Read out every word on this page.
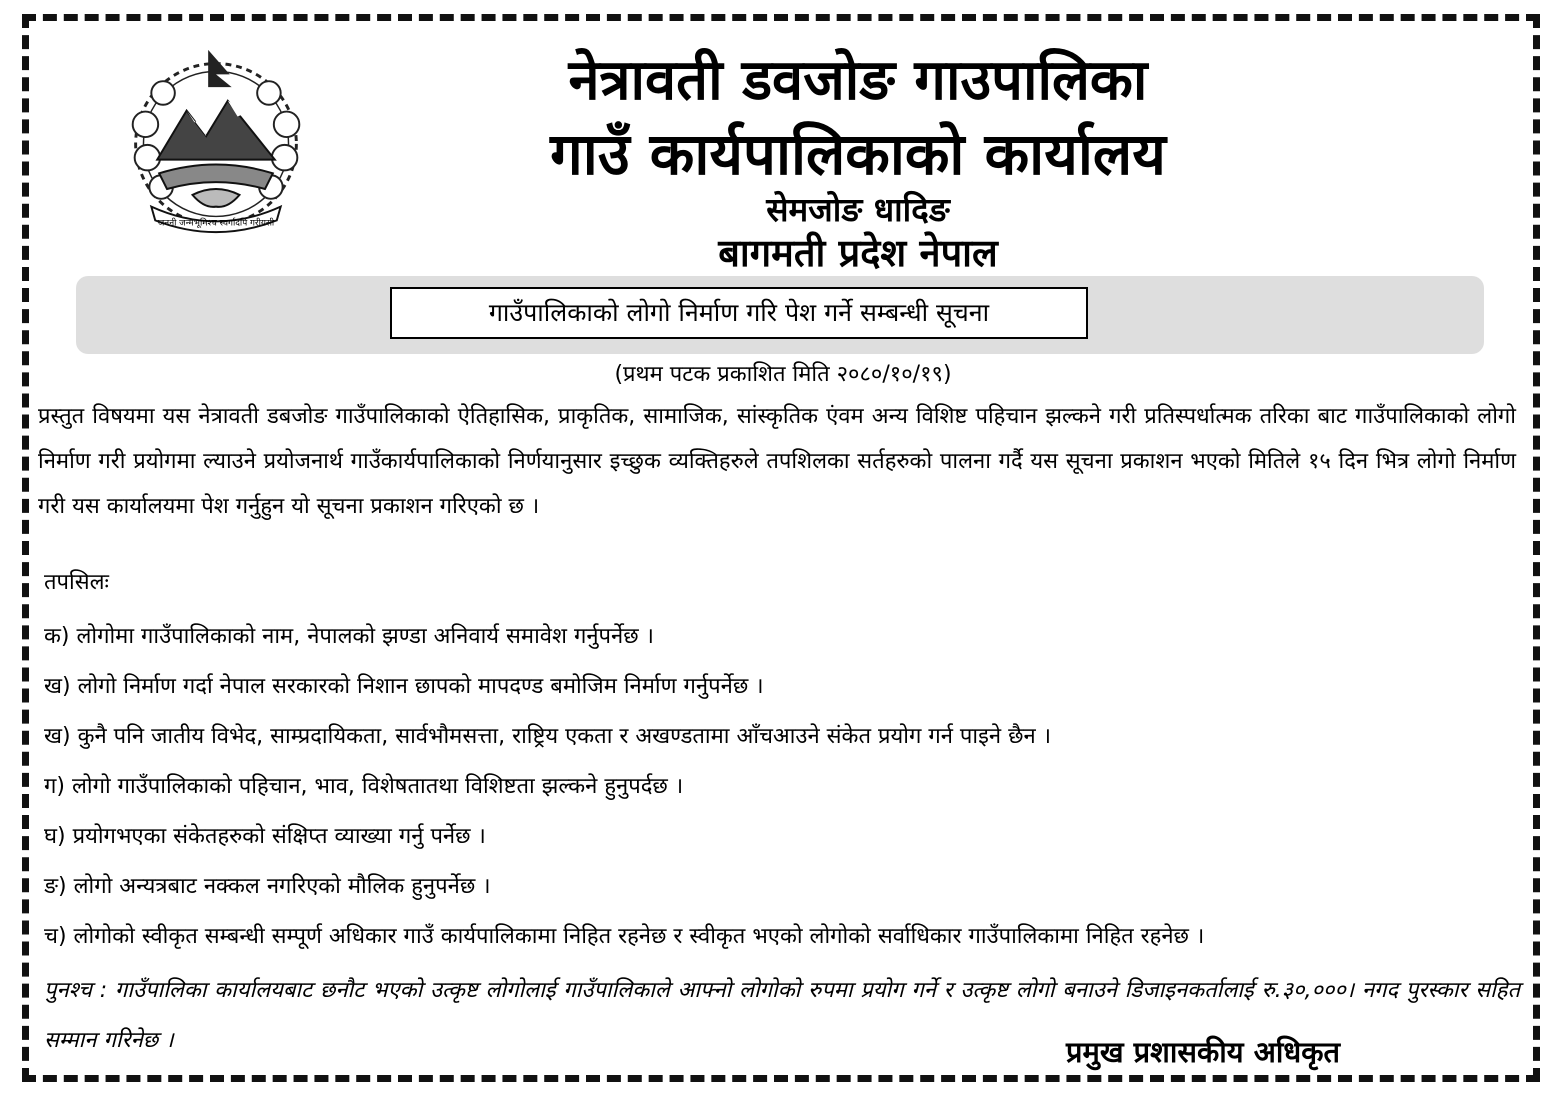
जननी जन्मभूमिश्च स्वर्गादपि गरीयसी
नेत्रावती डवजोङ गाउपालिका
गाउँ कार्यपालिकाको कार्यालय
सेमजोङ धादिङ
बागमती प्रदेश नेपाल
गाउँपालिकाको लोगो निर्माण गरि पेश गर्ने सम्बन्धी सूचना
(प्रथम पटक प्रकाशित मिति २०८०/१०/१९)
प्रस्तुत विषयमा यस नेत्रावती डबजोङ गाउँपालिकाको ऐतिहासिक, प्राकृतिक, सामाजिक, सांस्कृतिक एंवम अन्य विशिष्ट पहिचान झल्कने गरी प्रतिस्पर्धात्मक तरिका बाट गाउँपालिकाको लोगो निर्माण गरी प्रयोगमा ल्याउने प्रयोजनार्थ गाउँकार्यपालिकाको निर्णयानुसार इच्छुक व्यक्तिहरुले तपशिलका सर्तहरुको पालना गर्दै यस सूचना प्रकाशन भएको मितिले १५ दिन भित्र लोगो निर्माण गरी यस कार्यालयमा पेश गर्नुहुन यो सूचना प्रकाशन गरिएको छ ।
तपसिलः
क) लोगोमा गाउँपालिकाको नाम, नेपालको झण्डा अनिवार्य समावेश गर्नुपर्नेछ ।
ख) लोगो निर्माण गर्दा नेपाल सरकारको निशान छापको मापदण्ड बमोजिम निर्माण गर्नुपर्नेछ ।
ख) कुनै पनि जातीय विभेद, साम्प्रदायिकता, सार्वभौमसत्ता, राष्ट्रिय एकता र अखण्डतामा आँचआउने संकेत प्रयोग गर्न पाइने छैन ।
ग) लोगो गाउँपालिकाको पहिचान, भाव, विशेषतातथा विशिष्टता झल्कने हुनुपर्दछ ।
घ) प्रयोगभएका संकेतहरुको संक्षिप्त व्याख्या गर्नु पर्नेछ ।
ङ) लोगो अन्यत्रबाट नक्कल नगरिएको मौलिक हुनुपर्नेछ ।
च) लोगोको स्वीकृत सम्बन्धी सम्पूर्ण अधिकार गाउँ कार्यपालिकामा निहित रहनेछ र स्वीकृत भएको लोगोको सर्वाधिकार गाउँपालिकामा निहित रहनेछ ।
पुनश्च : गाउँपालिका कार्यालयबाट छनौट भएको उत्कृष्ट लोगोलाई गाउँपालिकाले आफ्नो लोगोको रुपमा प्रयोग गर्ने र उत्कृष्ट लोगो बनाउने डिजाइनकर्तालाई रु.३०,०००। नगद पुरस्कार सहित सम्मान गरिनेछ ।	प्रमुख प्रशासकीय अधिकृत
